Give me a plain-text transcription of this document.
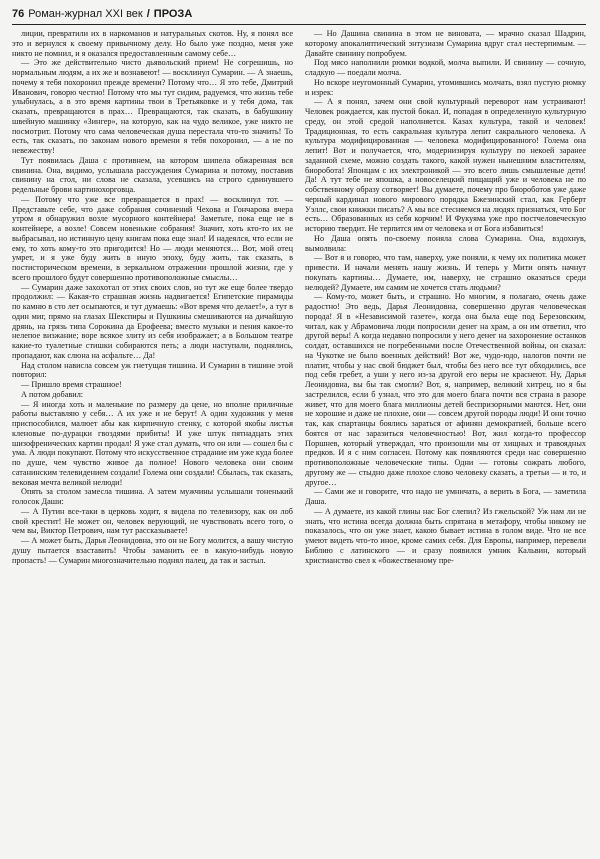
76 Роман-журнал XXI век / ПРОЗА

лиции, превратили их в наркоманов и натуральных скотов. Ну, я понял все это и вернулся к своему привычному делу. Но было уже поздно, меня уже никто не помнил, и я оказался предоставленным самому себе…

— Это же действительно чисто дьявольский прием! Не согрешишь, но нормальным людям, а их же и вознавеют! — восклинул Сумарин. — А знаешь, почему я тебя похоронил прежде времени? Потому что… Я это тебе, Дмитрий Иванович, говорю честно! Потому что мы тут сидим, радуемся, что жизнь тебе улыбнулась, а в это время картины твои в Третьяковке и у тебя дома, так сказать, превращаются в прах… Превращаются, так сказать, в бабушкину швейную машинку «Зингер», на которую, как на чудо великое, уже никто не посмотрит. Потому что сама человеческая душа перестала что-то значить! То есть, так сказать, по законам нового времени я тебя похоронил, — а не по невежеству!

Тут появилась Даша с противнем, на котором шипела обжаренная вся свинина. Она, видимо, услышала рассуждения Сумарина и потому, поставив свинину на стол, ни слова не сказала, усевшись на строго сдвинувшего редельные брови картинохорговца.

— Потому что уже все превращается в прах! — восклинул тот. — Представьте себе, что даже собрания сочинений Чехова и Гончарова вчера утром я обнаружил возле мусорного контейнера! Заметьте, пока еще не в контейнере, а возле! Совсем новенькие собрания! Значит, хоть кто-то их не выбрасывал, но истинную цену книгам пока еще знал! И надеялся, что если не ему, то хоть кому-то это пригодится! Но — люди меняются… Вот, мой отец умрет, и я уже буду жить в иную эпоху, буду жить, так сказать, в постисторическом времени, в зеркальном отражении прошлой жизни, где у всего прошлого будут совершенно противоположные смыслы…

— Сумарин даже захохотал от этих своих слов, но тут же еще более твердо продолжил: — Какая-то страшная жизнь надвигается! Египетские пирамиды по камню в сто лет осыпаются, и тут думаешь: «Вот время что делает!», а тут в один миг, прямо на глазах Шекспиры и Пушкины смешиваются на дичайшую дрянь, на грязь типа Сорокина да Ерофеева; вместо музыки и пения какое-то нелепое визжание; воре всякое злиту из себя изображает; а в Большом театре какие-то туалетные стишки собираются петь; а люди наступали, поднялись, пропадают, как слюна на асфальте… Да!

Над столом нависла совсем уж гнетущая тишина. И Сумарин в тишине этой повторил:

— Пришло время страшное!

А потом добавил:

— Я иногда хоть и маленькие по размеру да цене, но вполне приличные работы выставляю у себя… А их уже и не берут! А один художник у меня приспособился, малюет абы как кирпичную стенку, с которой якобы листья кленовые по-дурацки гвоздями прибиты! И уже штук пятнадцать этих шизофренических картин продал! Я уже стал думать, что он или — сошел бы с ума. А люди покупают. Потому что искусственное страдание им уже куда более по душе, чем чувство живое да полное! Нового человека они своим сатанинским телевидением создали! Голема они создали! Сбылась, так сказать, вековая мечта великой нелюди!

Опять за столом замесла тишина. А затем мужчины услышали тоненький голосок Даши:

— А Путин все-таки в церковь ходит, я видела по телевизору, как он лоб свой крестит! Не может он, человек верующий, не чувствовать всего того, о чем вы, Виктор Петрович, нам тут рассказываете!

— А может быть, Дарья Леонидовна, это он не Богу молится, а вашу чистую душу пытается взаставить! Чтобы заманить ее в какую-нибудь новую пропасть! — Сумарин многозначительно поднял палец, да так и застыл.

— Но Дашина свинина в этом не виновата, — мрачно сказал Шадрин, которому апокалиптический энтузиазм Сумарина вдруг стал нестерпимым. — Давайте свинину попробуем.

Под мясо наполнили рюмки водкой, молча выпили. И свинину — сочную, сладкую — поедали молча.

Но вскоре неугомонный Сумарин, утомившись молчать, взял пустую рюмку и изрек:

— А я понял, зачем они свой культурный переворот нам устраивают! Человек рождается, как пустой бокал. И, попадая в определенную культурную среду, он этой средой наполняется. Казах культура, такой и человек! Традиционная, то есть сакральная культура лепит сакрального человека. А культура модифицированная — человека модифицированного! Голема она лепит! Вот и получается, что, модернизируя культуру по некоей заранее заданной схеме, можно создать такого, какой нужен нынешним властителям, биоробота! Японцам с их электроникой — это всего лишь смышленые дети! Да! А тут тебе не япошка, а новоселецкий пищащий уже и человека не по собственному образу сотворяет! Вы думаете, почему про биороботов уже даже черный кардинал нового мирового порядка Бжезинский стал, как Герберт Уэллс, свои книжки писать? А мы все стесняемся на людях признаться, что Бог есть… Образованных из себя корчим! И Фукуяма уже про постчеловеческую историю твердит. Не терпится им от человека и от Бога избавиться!

Но Даша опять по-своему поняла слова Сумарина. Она, вздохнув, вымолвила:

— Вот я и говорю, что там, наверху, уже поняли, к чему их политика может привести. И начали менять нашу жизнь. И теперь у Мити опять начнут покупать картины… Думаете, им, наверху, не страшно оказаться среди нелюдей? Думаете, им самим не хочется стать людьми?

— Кому-то, может быть, и страшно. Но многим, я полагаю, очень даже радостно! Это ведь, Дарья Леонидовна, совершенно другая человеческая порода! Я в «Независимой газете», когда она была еще под Березовским, читал, как у Абрамовича люди попросили денег на храм, а он им ответил, что другой веры! А когда недавно попросили у него денег на захоронение останков солдат, оставшихся не погребенными после Отечественной войны, он сказал: на Чукотке не было военных действий! Вот же, чудо-юдо, налогов почти не платит, чтобы у нас свой бюджет был, чтобы без него все тут обходились, все под себя гребет, а уши у него из-за другой его веры не краснеют. Ну, Дарья Леонидовна, вы бы так смогли? Вот, я, например, великий хитрец, но я бы застрелился, если б узнал, что это для моего блага почти вся страна в разоре живет, что для моего блага миллионы детей беспризорными маются. Нет, они не хорошие и даже не плохие, они — совсем другой породы люди! И они точно так, как спартанцы боялись зараться от афинян демократией, больше всего боятся от нас заразиться человечностью! Вот, жил когда-то профессор Поршнев, который утверждал, что произошли мы от хищных и травоядных предков. И я с ним согласен. Потому как появляются среди нас совершенно противоположные человеческие типы. Одни — готовы сожрать любого, другому же — стыдно даже плохое слово человеку сказать, а третьи — и то, и другое…

— Сами же и говорите, что надо не умничать, а верить в Бога, — заметила Даша.

— А думаете, из какой глины нас Бог слепил? Из гжельской? Уж нам ли не знать, что истина всегда должна быть спрятана в метафору, чтобы никому не показалось, что он уже знает, какою бывает истина в голом виде. Что не все умеют видеть что-то иное, кроме самих себя. Для Европы, например, перевели Библию с латинского — и сразу появился умник Кальвин, который христианство свел к «божественному пре-
